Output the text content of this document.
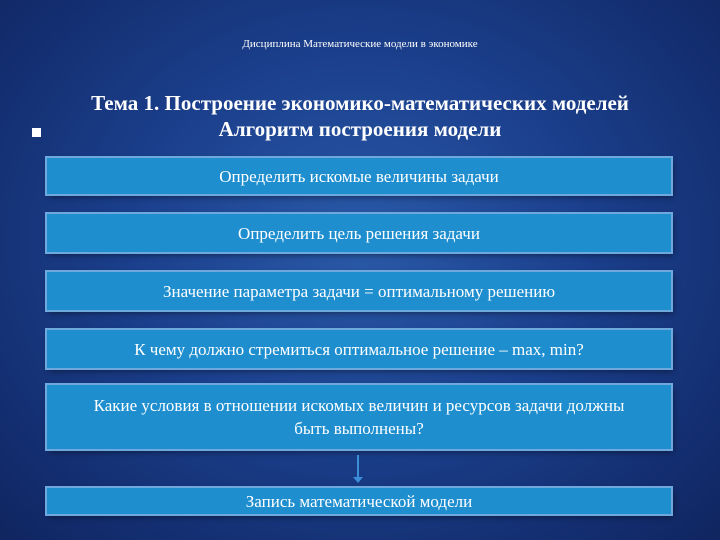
Дисциплина Математические модели в экономике
Тема 1. Построение экономико-математических моделей
Алгоритм построения модели
Определить искомые величины задачи
Определить цель решения задачи
Значение параметра задачи = оптимальному решению
К чему должно стремиться оптимальное решение – max, min?
Какие условия в отношении искомых величин и ресурсов задачи должны быть выполнены?
Запись математической модели
